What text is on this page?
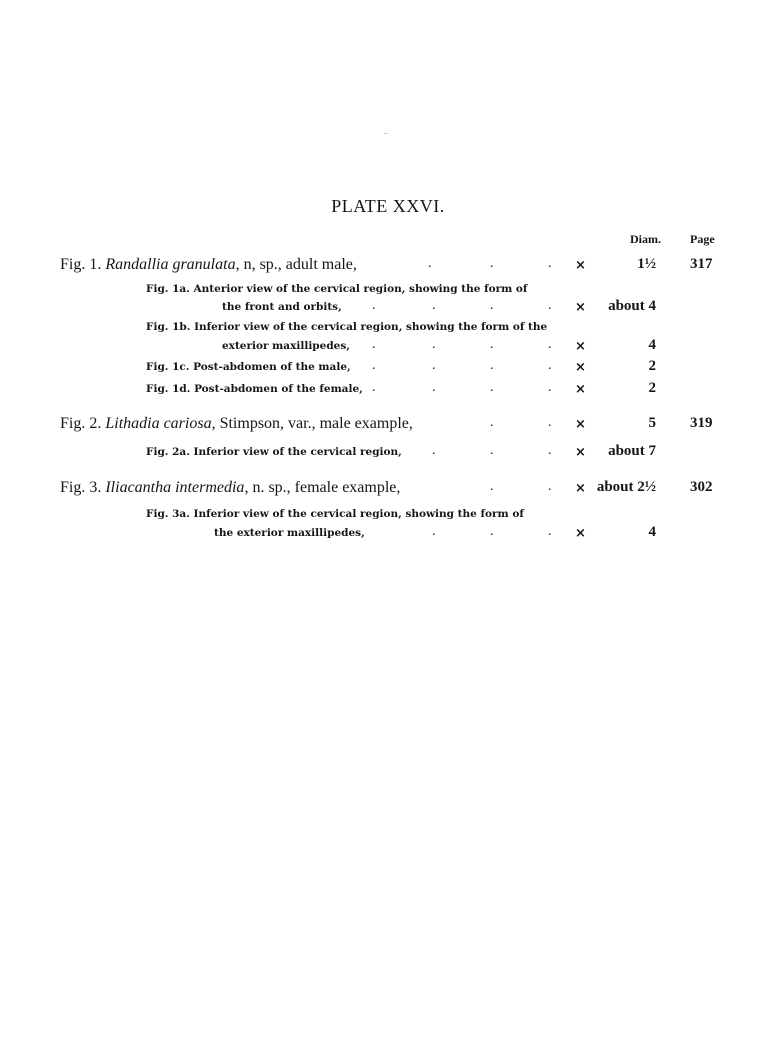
PLATE XXVI.
Diam. Page
Fig. 1. Randallia granulata, n, sp., adult male,	.	.	. ×	1½ 317
Fig. 1a. Anterior view of the cervical region, showing the form of
the front and orbits, .	.	.	. ×	about 4
Fig. 1b. Inferior view of the cervical region, showing the form of the
exterior maxillipedes, .	.	.	. ×	4
Fig. 1c. Post-abdomen of the male, .	.	.	. ×	2
Fig. 1d. Post-abdomen of the female, .	.	.	. ×	2
Fig. 2. Lithadia cariosa, Stimpson, var., male example,	.	. ×	5 319
Fig. 2a. Inferior view of the cervical region, .	.	. ×	about 7
Fig. 3. Iliacantha intermedia, n. sp., female example,	.	. × about 2½ 302
Fig. 3a. Inferior view of the cervical region, showing the form of
the exterior maxillipedes,	.	.	. ×	4
